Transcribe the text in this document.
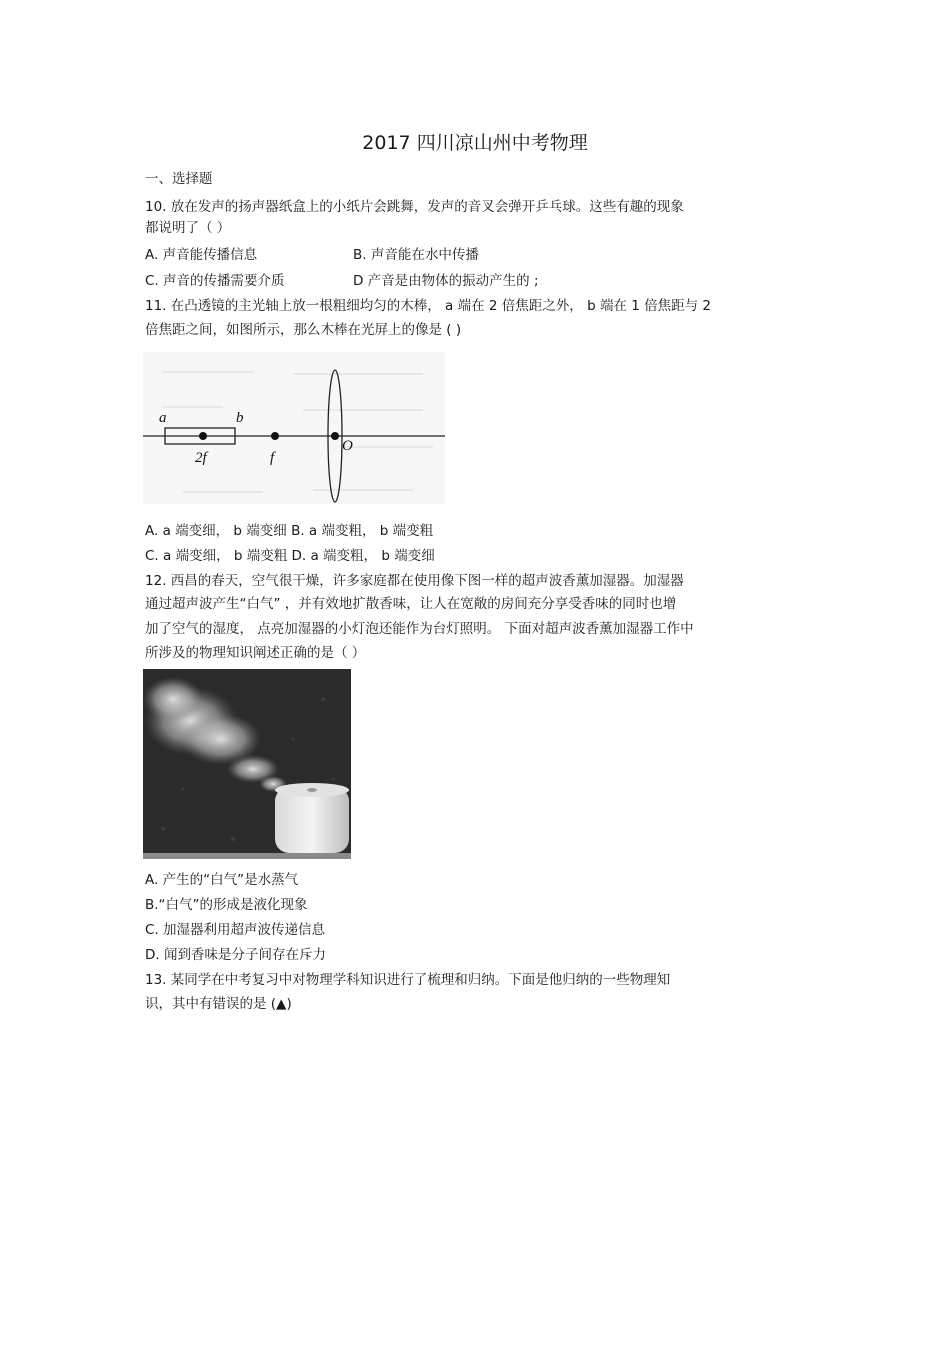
2017 四川凉山州中考物理
一、选择题
10. 放在发声的扬声器纸盒上的小纸片会跳舞，发声的音叉会弹开乒乓球。这些有趣的现象
都说明了（ ）
A. 声音能传播信息	B. 声音能在水中传播
C. 声音的传播需要介质	D 产音是由物体的振动产生的 ;
11. 在凸透镜的主光轴上放一根粗细均匀的木棒， a 端在 2 倍焦距之外， b 端在 1 倍焦距与 2
倍焦距之间，如图所示，那么木棒在光屏上的像是 ( )
a	b
2f	f
O
A. a 端变细， b 端变细 B. a 端变粗， b 端变粗
C. a 端变细， b 端变粗 D. a 端变粗， b 端变细
12. 西昌的春天，空气很干燥，许多家庭都在使用像下图一样的超声波香薰加湿器。加湿器
通过超声波产生“白气” ，并有效地扩散香味，让人在宽敞的房间充分享受香味的同时也增
加了空气的湿度， 点亮加湿器的小灯泡还能作为台灯照明。 下面对超声波香薰加湿器工作中
所涉及的物理知识阐述正确的是（ ）
A. 产生的“白气”是水蒸气
B.“白气”的形成是液化现象
C. 加湿器利用超声波传递信息
D. 闻到香味是分子间存在斥力
13. 某同学在中考复习中对物理学科知识进行了梳理和归纳。下面是他归纳的一些物理知
识，其中有错误的是 (▲)
